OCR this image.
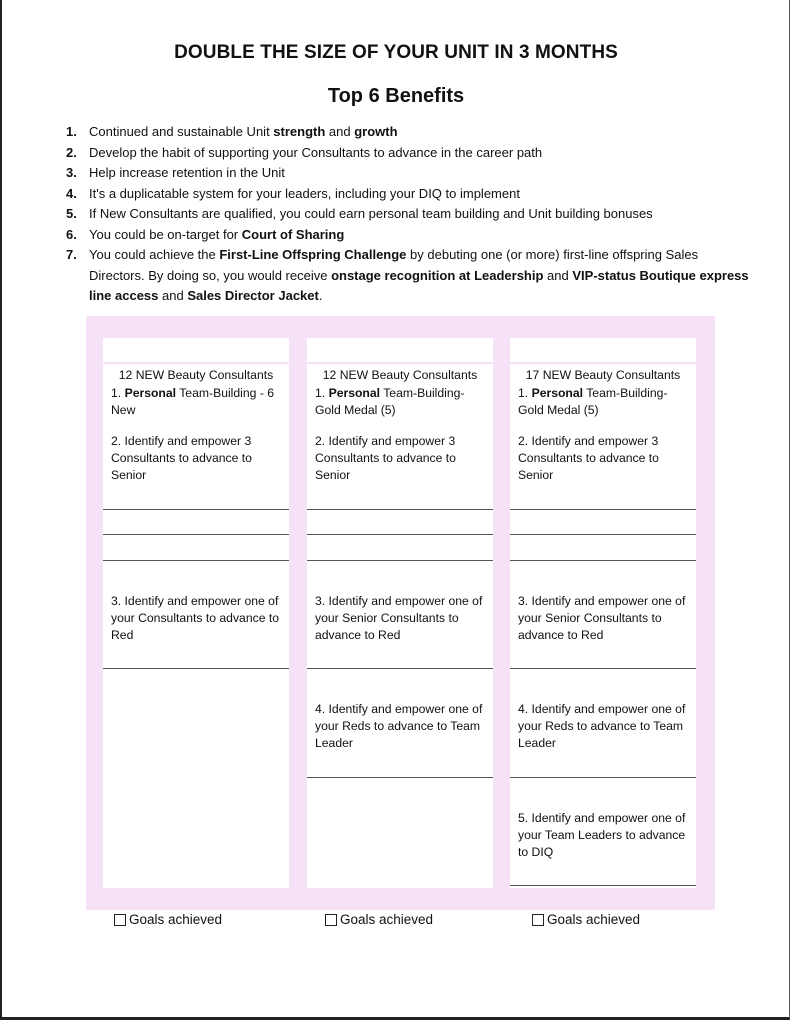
DOUBLE THE SIZE OF YOUR UNIT IN 3 MONTHS
Top 6 Benefits
1. Continued and sustainable Unit strength and growth
2. Develop the habit of supporting your Consultants to advance in the career path
3. Help increase retention in the Unit
4. It's a duplicatable system for your leaders, including your DIQ to implement
5. If New Consultants are qualified, you could earn personal team building and Unit building bonuses
6. You could be on-target for Court of Sharing
7. You could achieve the First-Line Offspring Challenge by debuting one (or more) first-line offspring Sales Directors. By doing so, you would receive onstage recognition at Leadership and VIP-status Boutique express line access and Sales Director Jacket.
12 NEW Beauty Consultants
1. Personal Team-Building - 6 New
2. Identify and empower 3 Consultants to advance to Senior
3. Identify and empower one of your Consultants to advance to Red
12 NEW Beauty Consultants
1. Personal Team-Building-Gold Medal (5)
2. Identify and empower 3 Consultants to advance to Senior
3. Identify and empower one of your Senior Consultants to advance to Red
4. Identify and empower one of your Reds to advance to Team Leader
17 NEW Beauty Consultants
1. Personal Team-Building-Gold Medal (5)
2. Identify and empower 3 Consultants to advance to Senior
3. Identify and empower one of your Senior Consultants to advance to Red
4. Identify and empower one of your Reds to advance to Team Leader
5. Identify and empower one of your Team Leaders to advance to DIQ
Goals achieved	Goals achieved	Goals achieved
